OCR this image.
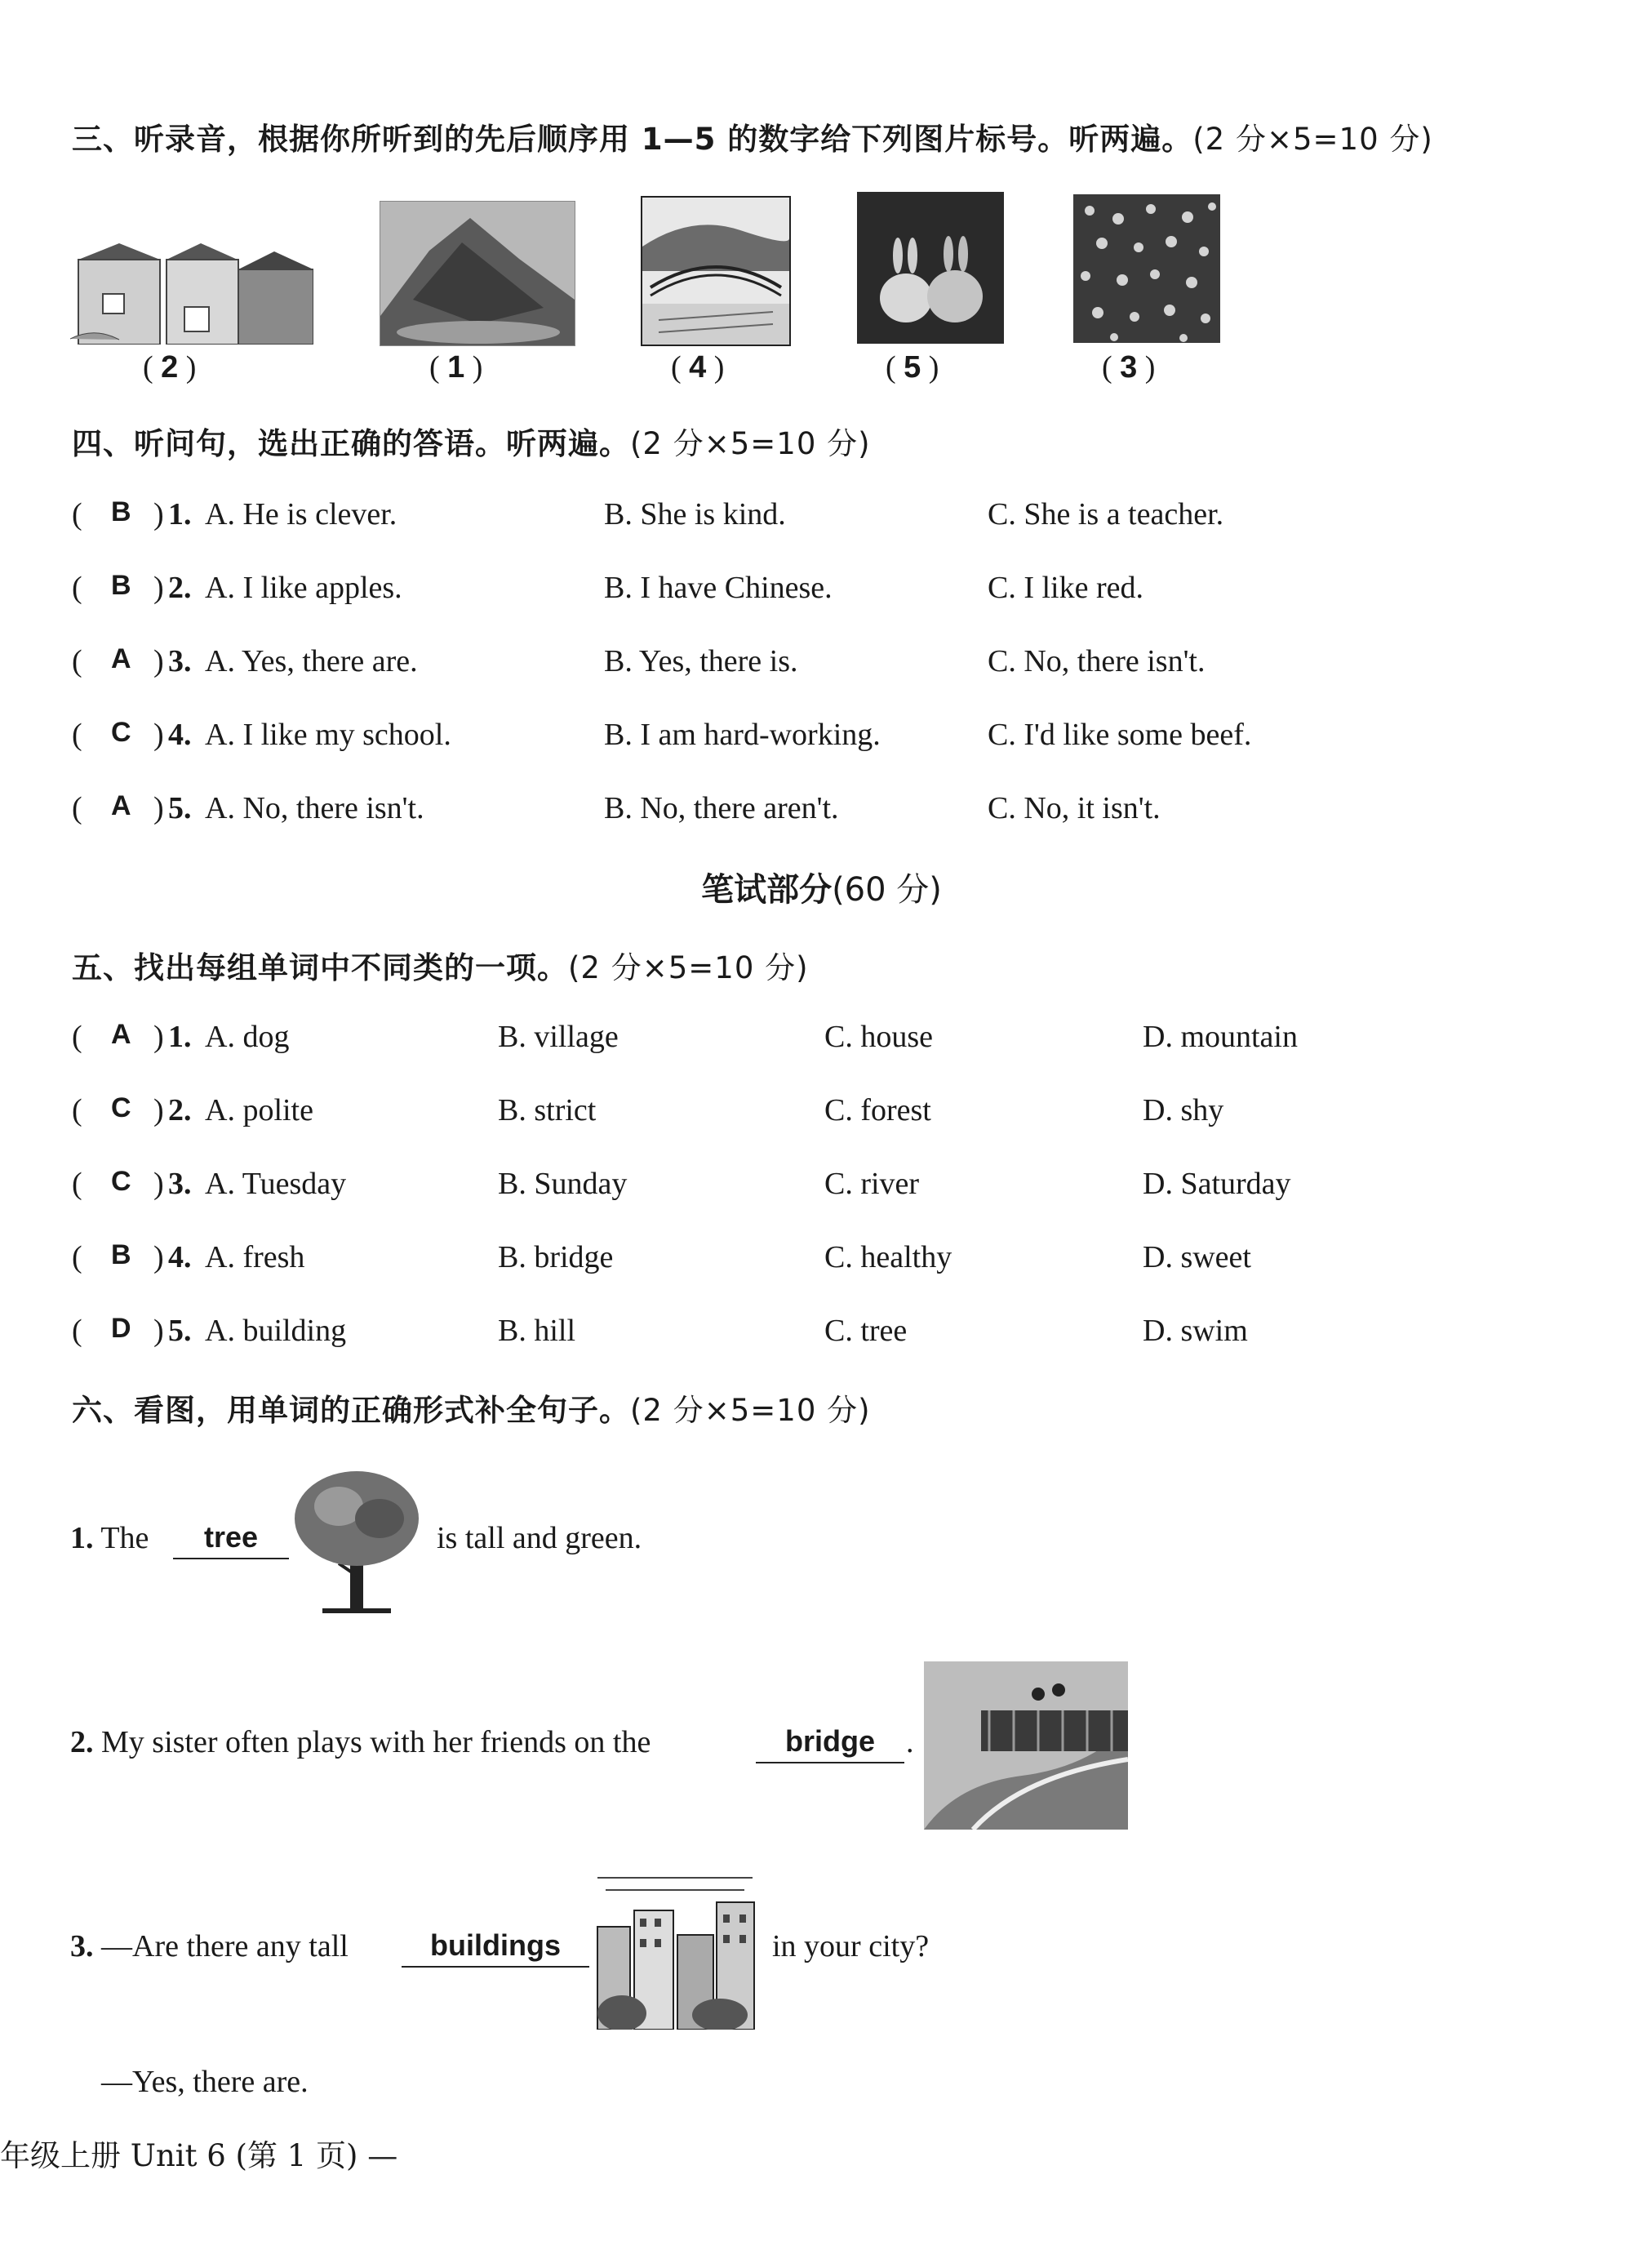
三、听录音，根据你所听到的先后顺序用 1—5 的数字给下列图片标号。听两遍。(2 分×5=10 分)
( 2 )	( 1 )	( 4 )	( 5 )	( 3 )
四、听问句，选出正确的答语。听两遍。(2 分×5=10 分)
( B ) 1. A. He is clever.	B. She is kind.	C. She is a teacher.
( B ) 2. A. I like apples.	B. I have Chinese.	C. I like red.
( A ) 3. A. Yes, there are.	B. Yes, there is.	C. No, there isn't.
( C ) 4. A. I like my school.	B. I am hard-working.	C. I'd like some beef.
( A ) 5. A. No, there isn't.	B. No, there aren't.	C. No, it isn't.
笔试部分(60 分)
五、找出每组单词中不同类的一项。(2 分×5=10 分)
( A ) 1. A. dog	B. village	C. house	D. mountain
( C ) 2. A. polite	B. strict	C. forest	D. shy
( C ) 3. A. Tuesday	B. Sunday	C. river	D. Saturday
( B ) 4. A. fresh	B. bridge	C. healthy	D. sweet
( D ) 5. A. building	B. hill	C. tree	D. swim
六、看图，用单词的正确形式补全句子。(2 分×5=10 分)
1. The	tree	is tall and green.
2. My sister often plays with her friends on the	bridge	.
3. —Are there any tall	buildings	in your city?
—Yes, there are.
年级上册 Unit 6 (第 1 页) —
